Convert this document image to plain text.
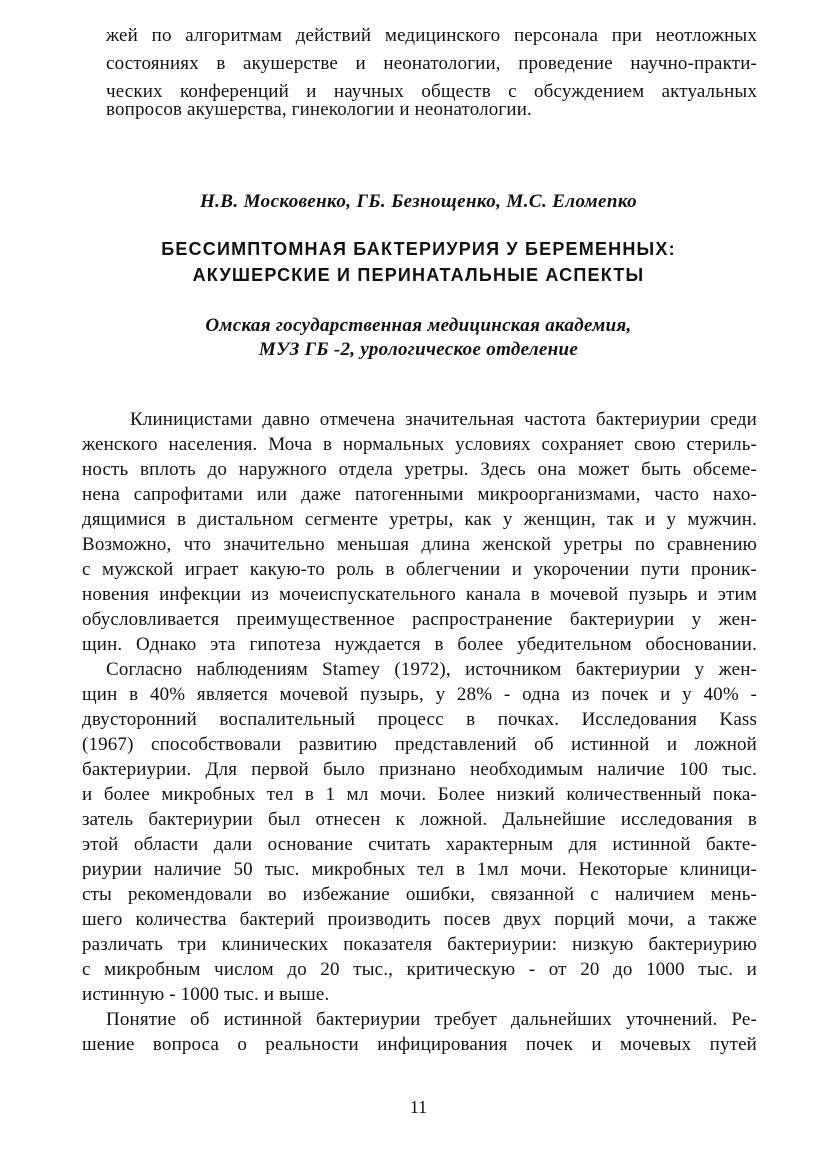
жей по алгоритмам действий медицинского персонала при неотложных
состояниях в акушерстве и неонатологии, проведение научно-практи-
ческих конференций и научных обществ с обсуждением актуальных
вопросов акушерства, гинекологии и неонатологии.
Н.В. Московенко, ГБ. Безнощенко, М.С. Еломепко
БЕССИМПТОМНАЯ БАКТЕРИУРИЯ У БЕРЕМЕННЫХ:
АКУШЕРСКИЕ И ПЕРИНАТАЛЬНЫЕ АСПЕКТЫ
Омская государственная медицинская академия,
МУЗ ГБ -2, урологическое отделение
Клиницистами давно отмечена значительная частота бактериурии среди
женского населения. Моча в нормальных условиях сохраняет свою стериль-
ность вплоть до наружного отдела уретры. Здесь она может быть обсеме-
нена сапрофитами или даже патогенными микроорганизмами, часто нахо-
дящимися в дистальном сегменте уретры, как у женщин, так и у мужчин.
Возможно, что значительно меньшая длина женской уретры по сравнению
с мужской играет какую-то роль в облегчении и укорочении пути проник-
новения инфекции из мочеиспускательного канала в мочевой пузырь и этим
обусловливается преимущественное распространение бактериурии у жен-
щин. Однако эта гипотеза нуждается в более убедительном обосновании.
Согласно наблюдениям Stamey (1972), источником бактериурии у жен-
щин в 40% является мочевой пузырь, у 28% - одна из почек и у 40% -
двусторонний воспалительный процесс в почках. Исследования Kass
(1967) способствовали развитию представлений об истинной и ложной
бактериурии. Для первой было признано необходимым наличие 100 тыс.
и более микробных тел в 1 мл мочи. Более низкий количественный пока-
затель бактериурии был отнесен к ложной. Дальнейшие исследования в
этой области дали основание считать характерным для истинной бакте-
риурии наличие 50 тыс. микробных тел в 1мл мочи. Некоторые клиници-
сты рекомендовали во избежание ошибки, связанной с наличием мень-
шего количества бактерий производить посев двух порций мочи, а также
различать три клинических показателя бактериурии: низкую бактериурию
с микробным числом до 20 тыс., критическую - от 20 до 1000 тыс. и
истинную - 1000 тыс. и выше.
Понятие об истинной бактериурии требует дальнейших уточнений. Ре-
шение вопроса о реальности инфицирования почек и мочевых путей
11
